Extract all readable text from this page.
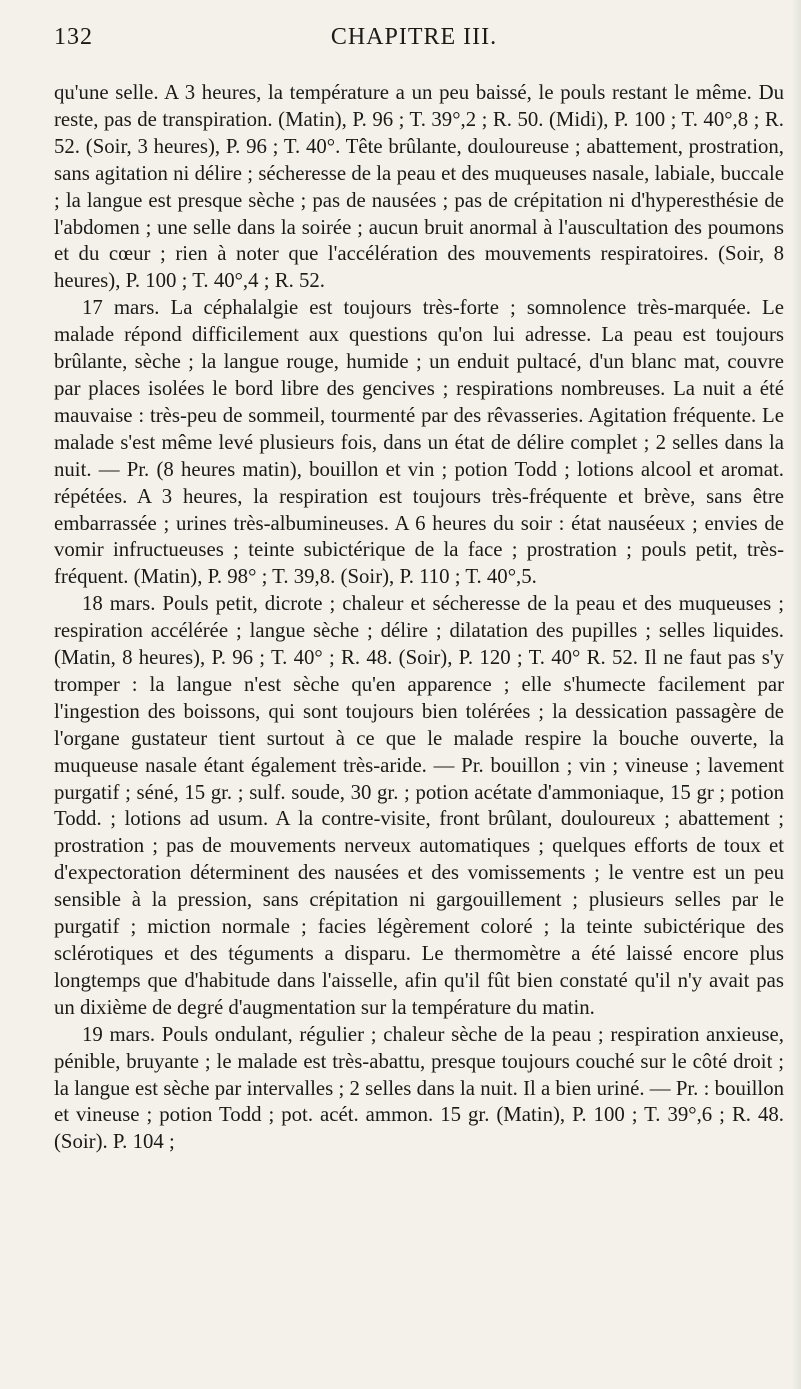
132	CHAPITRE III.

qu'une selle. A 3 heures, la température a un peu baissé, le pouls restant le même. Du reste, pas de transpiration. (Matin), P. 96 ; T. 39°,2 ; R. 50. (Midi), P. 100 ; T. 40°,8 ; R. 52. (Soir, 3 heures), P. 96 ; T. 40°. Tête brûlante, douloureuse ; abattement, prostration, sans agitation ni délire ; sécheresse de la peau et des muqueuses nasale, labiale, buccale ; la langue est presque sèche ; pas de nausées ; pas de crépitation ni d'hyperesthésie de l'abdomen ; une selle dans la soirée ; aucun bruit anormal à l'auscultation des poumons et du cœur ; rien à noter que l'accélération des mouvements respiratoires. (Soir, 8 heures), P. 100 ; T. 40°,4 ; R. 52.

17 mars. La céphalalgie est toujours très-forte ; somnolence très-marquée. Le malade répond difficilement aux questions qu'on lui adresse. La peau est toujours brûlante, sèche ; la langue rouge, humide ; un enduit pultacé, d'un blanc mat, couvre par places isolées le bord libre des gencives ; respirations nombreuses. La nuit a été mauvaise : très-peu de sommeil, tourmenté par des rêvasseries. Agitation fréquente. Le malade s'est même levé plusieurs fois, dans un état de délire complet ; 2 selles dans la nuit. — Pr. (8 heures matin), bouillon et vin ; potion Todd ; lotions alcool et aromat. répétées. A 3 heures, la respiration est toujours très-fréquente et brève, sans être embarrassée ; urines très-albumineuses. A 6 heures du soir : état nauséeux ; envies de vomir infructueuses ; teinte subictérique de la face ; prostration ; pouls petit, très-fréquent. (Matin), P. 98° ; T. 39,8. (Soir), P. 110 ; T. 40°,5.

18 mars. Pouls petit, dicrote ; chaleur et sécheresse de la peau et des muqueuses ; respiration accélérée ; langue sèche ; délire ; dilatation des pupilles ; selles liquides. (Matin, 8 heures), P. 96 ; T. 40° ; R. 48. (Soir), P. 120 ; T. 40° R. 52. Il ne faut pas s'y tromper : la langue n'est sèche qu'en apparence ; elle s'humecte facilement par l'ingestion des boissons, qui sont toujours bien tolérées ; la dessication passagère de l'organe gustateur tient surtout à ce que le malade respire la bouche ouverte, la muqueuse nasale étant également très-aride. — Pr. bouillon ; vin ; vineuse ; lavement purgatif ; séné, 15 gr. ; sulf. soude, 30 gr. ; potion acétate d'ammoniaque, 15 gr ; potion Todd. ; lotions ad usum. A la contre-visite, front brûlant, douloureux ; abattement ; prostration ; pas de mouvements nerveux automatiques ; quelques efforts de toux et d'expectoration déterminent des nausées et des vomissements ; le ventre est un peu sensible à la pression, sans crépitation ni gargouillement ; plusieurs selles par le purgatif ; miction normale ; facies légèrement coloré ; la teinte subictérique des sclérotiques et des téguments a disparu. Le thermomètre a été laissé encore plus longtemps que d'habitude dans l'aisselle, afin qu'il fût bien constaté qu'il n'y avait pas un dixième de degré d'augmentation sur la température du matin.

19 mars. Pouls ondulant, régulier ; chaleur sèche de la peau ; respiration anxieuse, pénible, bruyante ; le malade est très-abattu, presque toujours couché sur le côté droit ; la langue est sèche par intervalles ; 2 selles dans la nuit. Il a bien uriné. — Pr. : bouillon et vineuse ; potion Todd ; pot. acét. ammon. 15 gr. (Matin), P. 100 ; T. 39°,6 ; R. 48. (Soir). P. 104 ;
